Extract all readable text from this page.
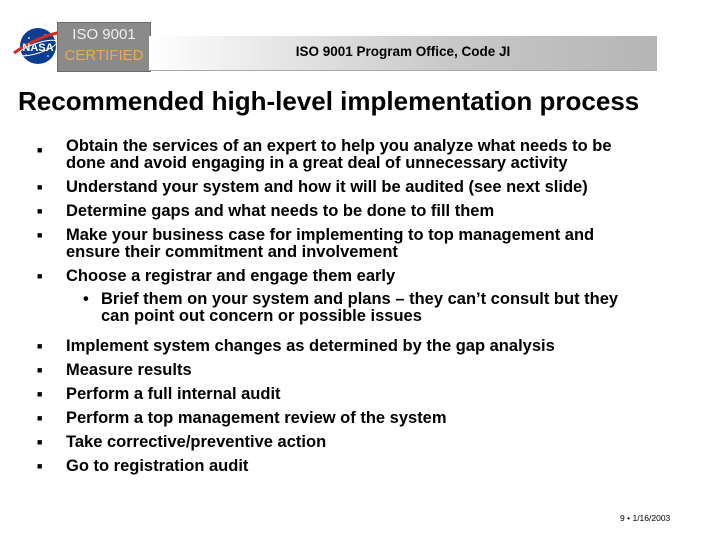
NASA
ISO 9001
CERTIFIED	ISO 9001 Program Office, Code JI
Recommended high-level implementation process
■ Obtain the services of an expert to help you analyze what needs to be
done and avoid engaging in a great deal of unnecessary activity
■ Understand your system and how it will be audited (see next slide)
■ Determine gaps and what needs to be done to fill them
■ Make your business case for implementing to top management and
ensure their commitment and involvement
■ Choose a registrar and engage them early
• Brief them on your system and plans – they can’t consult but they
can point out concern or possible issues
■ Implement system changes as determined by the gap analysis
■ Measure results
■ Perform a full internal audit
■ Perform a top management review of the system
■ Take corrective/preventive action
■ Go to registration audit
9 • 1/16/2003
